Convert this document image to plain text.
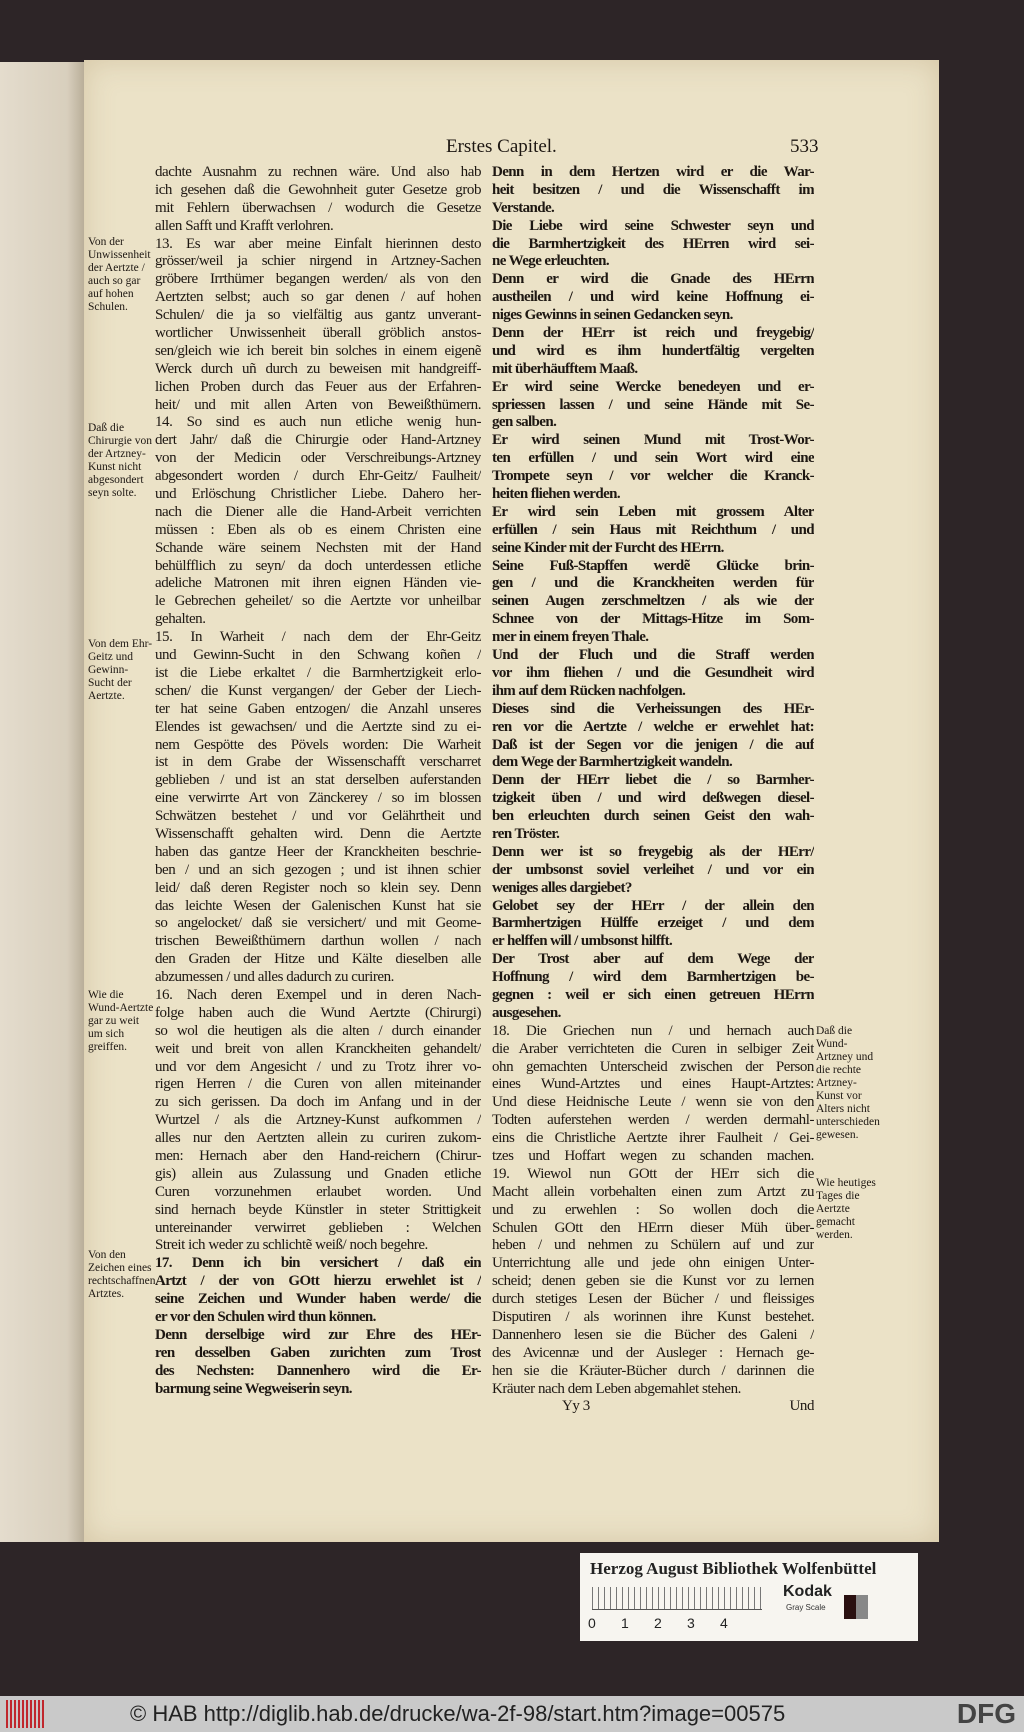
Erstes Capitel.	533
dachte Ausnahm zu rechnen wäre. Und also hab
ich gesehen daß die Gewohnheit guter Gesetze grob
mit Fehlern überwachsen / wodurch die Gesetze
allen Safft und Krafft verlohren.
13. Es war aber meine Einfalt hierinnen desto
grösser/weil ja schier nirgend in Artzney-Sachen
gröbere Irrthümer begangen werden/ als von den
Aertzten selbst; auch so gar denen / auf hohen
Schulen/ die ja so vielfältig aus gantz unverant-
wortlicher Unwissenheit überall gröblich anstos-
sen/gleich wie ich bereit bin solches in einem eigenẽ
Werck durch uñ durch zu beweisen mit handgreiff-
lichen Proben durch das Feuer aus der Erfahren-
heit/ und mit allen Arten von Beweißthümern.
14. So sind es auch nun etliche wenig hun-
dert Jahr/ daß die Chirurgie oder Hand-Artzney
von der Medicin oder Verschreibungs-Artzney
abgesondert worden / durch Ehr-Geitz/ Faulheit/
und Erlöschung Christlicher Liebe. Dahero her-
nach die Diener alle die Hand-Arbeit verrichten
müssen : Eben als ob es einem Christen eine
Schande wäre seinem Nechsten mit der Hand
behülfflich zu seyn/ da doch unterdessen etliche
adeliche Matronen mit ihren eignen Händen vie-
le Gebrechen geheilet/ so die Aertzte vor unheilbar
gehalten.
15. In Warheit / nach dem der Ehr-Geitz
und Gewinn-Sucht in den Schwang koñen /
ist die Liebe erkaltet / die Barmhertzigkeit erlo-
schen/ die Kunst vergangen/ der Geber der Liech-
ter hat seine Gaben entzogen/ die Anzahl unseres
Elendes ist gewachsen/ und die Aertzte sind zu ei-
nem Gespötte des Pövels worden: Die Warheit
ist in dem Grabe der Wissenschafft verscharret
geblieben / und ist an stat derselben auferstanden
eine verwirrte Art von Zänckerey / so im blossen
Schwätzen bestehet / und vor Gelährtheit und
Wissenschafft gehalten wird. Denn die Aertzte
haben das gantze Heer der Kranckheiten beschrie-
ben / und an sich gezogen ; und ist ihnen schier
leid/ daß deren Register noch so klein sey. Denn
das leichte Wesen der Galenischen Kunst hat sie
so angelocket/ daß sie versichert/ und mit Geome-
trischen Beweißthümern darthun wollen / nach
den Graden der Hitze und Kälte dieselben alle
abzumessen / und alles dadurch zu curiren.
16. Nach deren Exempel und in deren Nach-
folge haben auch die Wund Aertzte (Chirurgi)
so wol die heutigen als die alten / durch einander
weit und breit von allen Kranckheiten gehandelt/
und vor dem Angesicht / und zu Trotz ihrer vo-
rigen Herren / die Curen von allen miteinander
zu sich gerissen. Da doch im Anfang und in der
Wurtzel / als die Artzney-Kunst aufkommen /
alles nur den Aertzten allein zu curiren zukom-
men: Hernach aber den Hand-reichern (Chirur-
gis) allein aus Zulassung und Gnaden etliche
Curen vorzunehmen erlaubet worden. Und
sind hernach beyde Künstler in steter Strittigkeit
untereinander verwirret geblieben : Welchen
Streit ich weder zu schlichtẽ weiß/ noch begehre.
17. Denn ich bin versichert / daß ein
Artzt / der von GOtt hierzu erwehlet ist /
seine Zeichen und Wunder haben werde/ die
er vor den Schulen wird thun können.
Denn derselbige wird zur Ehre des HEr-
ren desselben Gaben zurichten zum Trost
des Nechsten: Dannenhero wird die Er-
barmung seine Wegweiserin seyn.
Denn in dem Hertzen wird er die War-
heit besitzen / und die Wissenschafft im
Verstande.
Die Liebe wird seine Schwester seyn und
die Barmhertzigkeit des HErren wird sei-
ne Wege erleuchten.
Denn er wird die Gnade des HErrn
austheilen / und wird keine Hoffnung ei-
niges Gewinns in seinen Gedancken seyn.
Denn der HErr ist reich und freygebig/
und wird es ihm hundertfältig vergelten
mit überhäufftem Maaß.
Er wird seine Wercke benedeyen und er-
spriessen lassen / und seine Hände mit Se-
gen salben.
Er wird seinen Mund mit Trost-Wor-
ten erfüllen / und sein Wort wird eine
Trompete seyn / vor welcher die Kranck-
heiten fliehen werden.
Er wird sein Leben mit grossem Alter
erfüllen / sein Haus mit Reichthum / und
seine Kinder mit der Furcht des HErrn.
Seine Fuß-Stapffen werdẽ Glücke brin-
gen / und die Kranckheiten werden für
seinen Augen zerschmeltzen / als wie der
Schnee von der Mittags-Hitze im Som-
mer in einem freyen Thale.
Und der Fluch und die Straff werden
vor ihm fliehen / und die Gesundheit wird
ihm auf dem Rücken nachfolgen.
Dieses sind die Verheissungen des HEr-
ren vor die Aertzte / welche er erwehlet hat:
Daß ist der Segen vor die jenigen / die auf
dem Wege der Barmhertzigkeit wandeln.
Denn der HErr liebet die / so Barmher-
tzigkeit üben / und wird deßwegen diesel-
ben erleuchten durch seinen Geist den wah-
ren Tröster.
Denn wer ist so freygebig als der HErr/
der umbsonst soviel verleihet / und vor ein
weniges alles dargiebet?
Gelobet sey der HErr / der allein den
Barmhertzigen Hülffe erzeiget / und dem
er helffen will / umbsonst hilfft.
Der Trost aber auf dem Wege der
Hoffnung / wird dem Barmhertzigen be-
gegnen : weil er sich einen getreuen HErrn
ausgesehen.
18. Die Griechen nun / und hernach auch
die Araber verrichteten die Curen in selbiger Zeit
ohn gemachten Unterscheid zwischen der Person
eines Wund-Artztes und eines Haupt-Artztes:
Und diese Heidnische Leute / wenn sie von den
Todten auferstehen werden / werden dermahl-
eins die Christliche Aertzte ihrer Faulheit / Gei-
tzes und Hoffart wegen zu schanden machen.
19. Wiewol nun GOtt der HErr sich die
Macht allein vorbehalten einen zum Artzt zu
und zu erwehlen : So wollen doch die
Schulen GOtt den HErrn dieser Müh über-
heben / und nehmen zu Schülern auf und zur
Unterrichtung alle und jede ohn einigen Unter-
scheid; denen geben sie die Kunst vor zu lernen
durch stetiges Lesen der Bücher / und fleissiges
Disputiren / als worinnen ihre Kunst bestehet.
Dannenhero lesen sie die Bücher des Galeni /
des Avicennæ und der Ausleger : Hernach ge-
hen sie die Kräuter-Bücher durch / darinnen die
Kräuter nach dem Leben abgemahlet stehen.
Yy 3	Und
Von der Unwissenheit der Aertzte / auch so gar auf hohen Schulen.
Daß die Chirurgie von der Artzney-Kunst nicht abgesondert seyn solte.
Von dem Ehr-Geitz und Gewinn-Sucht der Aertzte.
Wie die Wund-Aertzte gar zu weit um sich greiffen.
Von den Zeichen eines rechtschaffnen Artztes.
Daß die Wund-Artzney und die rechte Artzney-Kunst vor Alters nicht unterschieden gewesen.
Wie heutiges Tages die Aertzte gemacht werden.
Herzog August Bibliothek Wolfenbüttel
0 1 2 3 4
Kodak
Gray Scale
© HAB http://diglib.hab.de/drucke/wa-2f-98/start.htm?image=00575	DFG
